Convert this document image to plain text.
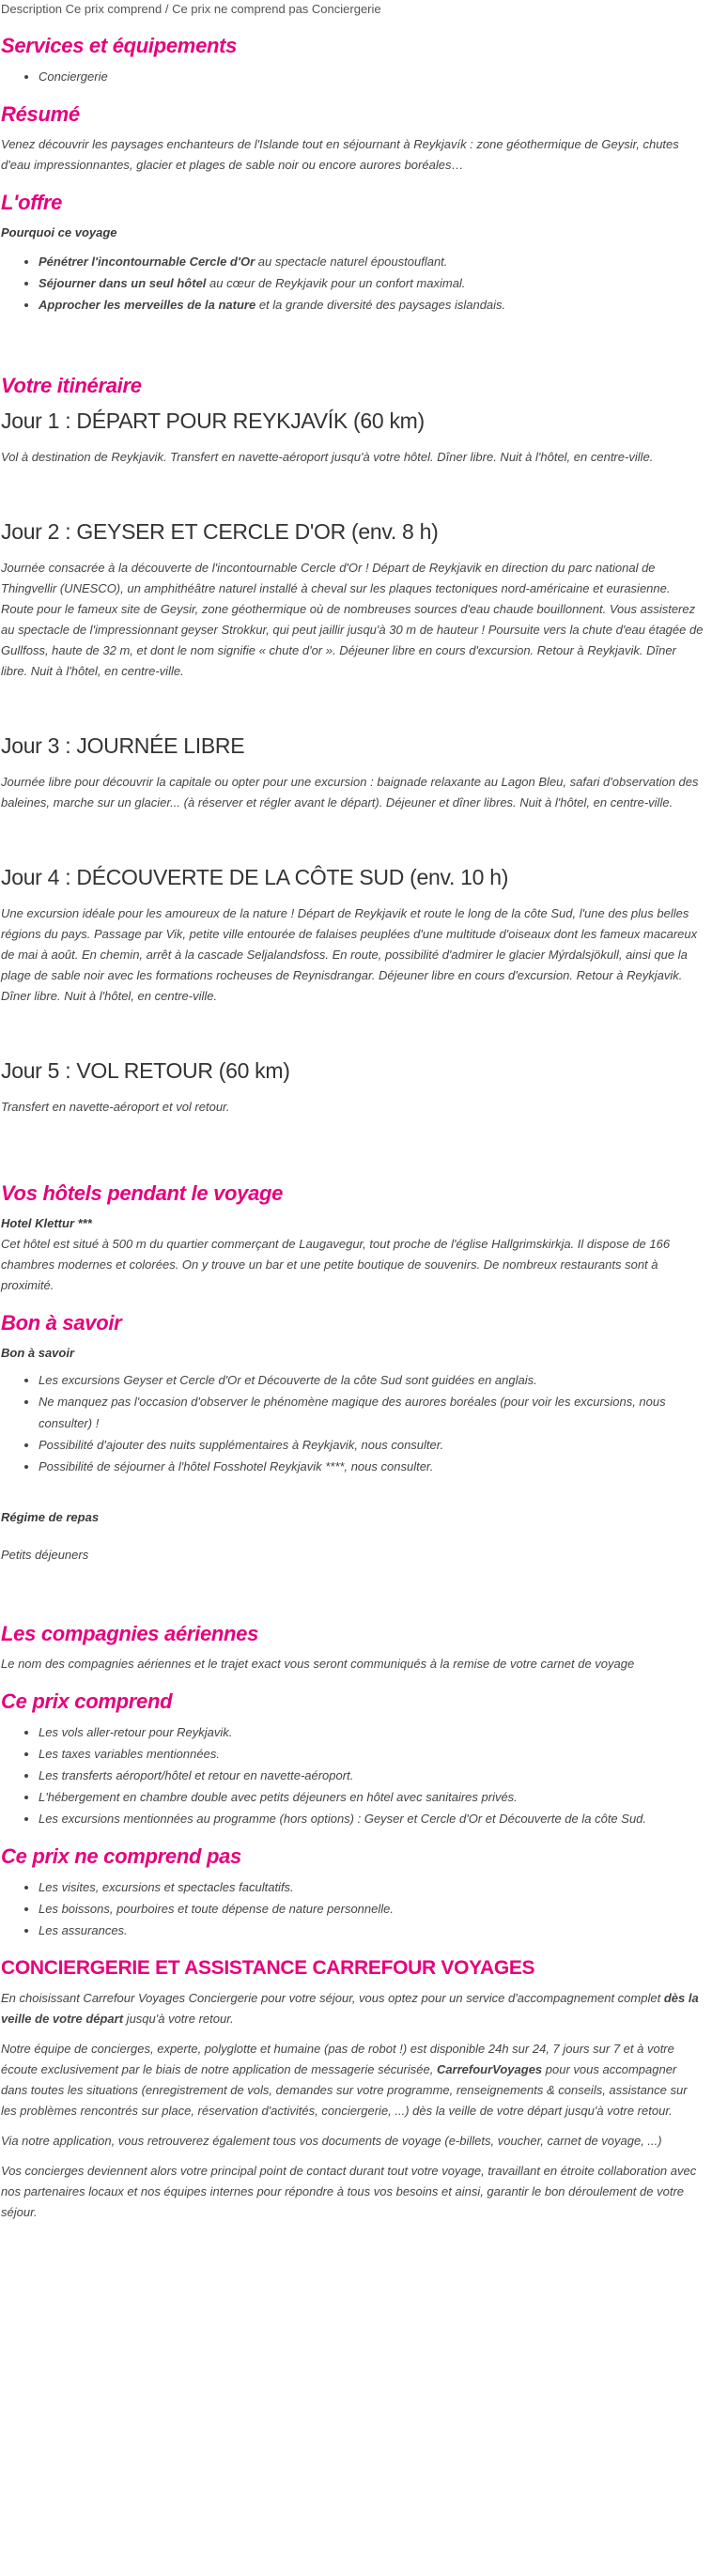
Description Ce prix comprend / Ce prix ne comprend pas Conciergerie

Services et équipements
• Conciergerie
Résumé

Venez découvrir les paysages enchanteurs de l'Islande tout en séjournant à Reykjavík : zone géothermique de Geysir, chutes d'eau impressionnantes, glacier et plages de sable noir ou encore aurores boréales…

L'offre

Pourquoi ce voyage

• Pénétrer l'incontournable Cercle d'Or au spectacle naturel époustouflant.
• Séjourner dans un seul hôtel au cœur de Reykjavik pour un confort maximal.
• Approcher les merveilles de la nature et la grande diversité des paysages islandais.
Votre itinéraire
Jour 1 : DÉPART POUR REYKJAVÍK (60 km)

Vol à destination de Reykjavik. Transfert en navette-aéroport jusqu'à votre hôtel. Dîner libre. Nuit à l'hôtel, en centre-ville.

Jour 2 : GEYSER ET CERCLE D'OR (env. 8 h)

Journée consacrée à la découverte de l'incontournable Cercle d'Or ! Départ de Reykjavik en direction du parc national de Thingvellir (UNESCO), un amphithéâtre naturel installé à cheval sur les plaques tectoniques nord-américaine et eurasienne. Route pour le fameux site de Geysir, zone géothermique où de nombreuses sources d'eau chaude bouillonnent. Vous assisterez au spectacle de l'impressionnant geyser Strokkur, qui peut jaillir jusqu'à 30 m de hauteur ! Poursuite vers la chute d'eau étagée de Gullfoss, haute de 32 m, et dont le nom signifie « chute d'or ». Déjeuner libre en cours d'excursion. Retour à Reykjavik. Dîner libre. Nuit à l'hôtel, en centre-ville.

Jour 3 : JOURNÉE LIBRE

Journée libre pour découvrir la capitale ou opter pour une excursion : baignade relaxante au Lagon Bleu, safari d'observation des baleines, marche sur un glacier... (à réserver et régler avant le départ). Déjeuner et dîner libres. Nuit à l'hôtel, en centre-ville.

Jour 4 : DÉCOUVERTE DE LA CÔTE SUD (env. 10 h)

Une excursion idéale pour les amoureux de la nature ! Départ de Reykjavik et route le long de la côte Sud, l'une des plus belles régions du pays. Passage par Vik, petite ville entourée de falaises peuplées d'une multitude d'oiseaux dont les fameux macareux de mai à août. En chemin, arrêt à la cascade Seljalandsfoss. En route, possibilité d'admirer le glacier Mýrdalsjökull, ainsi que la plage de sable noir avec les formations rocheuses de Reynisdrangar. Déjeuner libre en cours d'excursion. Retour à Reykjavik. Dîner libre. Nuit à l'hôtel, en centre-ville.

Jour 5 : VOL RETOUR (60 km)

Transfert en navette-aéroport et vol retour.

Vos hôtels pendant le voyage

Hotel Klettur ***

Cet hôtel est situé à 500 m du quartier commerçant de Laugavegur, tout proche de l'église Hallgrimskirkja. Il dispose de 166 chambres modernes et colorées. On y trouve un bar et une petite boutique de souvenirs. De nombreux restaurants sont à proximité.

Bon à savoir

Bon à savoir

• Les excursions Geyser et Cercle d'Or et Découverte de la côte Sud sont guidées en anglais.
• Ne manquez pas l'occasion d'observer le phénomène magique des aurores boréales (pour voir les excursions, nous consulter) !
• Possibilité d'ajouter des nuits supplémentaires à Reykjavik, nous consulter.
• Possibilité de séjourner à l'hôtel Fosshotel Reykjavik ****, nous consulter.

Régime de repas

Petits déjeuners

Les compagnies aériennes

Le nom des compagnies aériennes et le trajet exact vous seront communiqués à la remise de votre carnet de voyage

Ce prix comprend
• Les vols aller-retour pour Reykjavik.
• Les taxes variables mentionnées.
• Les transferts aéroport/hôtel et retour en navette-aéroport.
• L'hébergement en chambre double avec petits déjeuners en hôtel avec sanitaires privés.
• Les excursions mentionnées au programme (hors options) : Geyser et Cercle d'Or et Découverte de la côte Sud.
Ce prix ne comprend pas
• Les visites, excursions et spectacles facultatifs.
• Les boissons, pourboires et toute dépense de nature personnelle.
• Les assurances.
CONCIERGERIE ET ASSISTANCE CARREFOUR VOYAGES

En choisissant Carrefour Voyages Conciergerie pour votre séjour, vous optez pour un service d'accompagnement complet dès la veille de votre départ jusqu'à votre retour.

Notre équipe de concierges, experte, polyglotte et humaine (pas de robot !) est disponible 24h sur 24, 7 jours sur 7 et à votre écoute exclusivement par le biais de notre application de messagerie sécurisée, CarrefourVoyages pour vous accompagner dans toutes les situations (enregistrement de vols, demandes sur votre programme, renseignements & conseils, assistance sur les problèmes rencontrés sur place, réservation d'activités, conciergerie, ...) dès la veille de votre départ jusqu'à votre retour.

Via notre application, vous retrouverez également tous vos documents de voyage (e-billets, voucher, carnet de voyage, ...)

Vos concierges deviennent alors votre principal point de contact durant tout votre voyage, travaillant en étroite collaboration avec nos partenaires locaux et nos équipes internes pour répondre à tous vos besoins et ainsi, garantir le bon déroulement de votre séjour.
